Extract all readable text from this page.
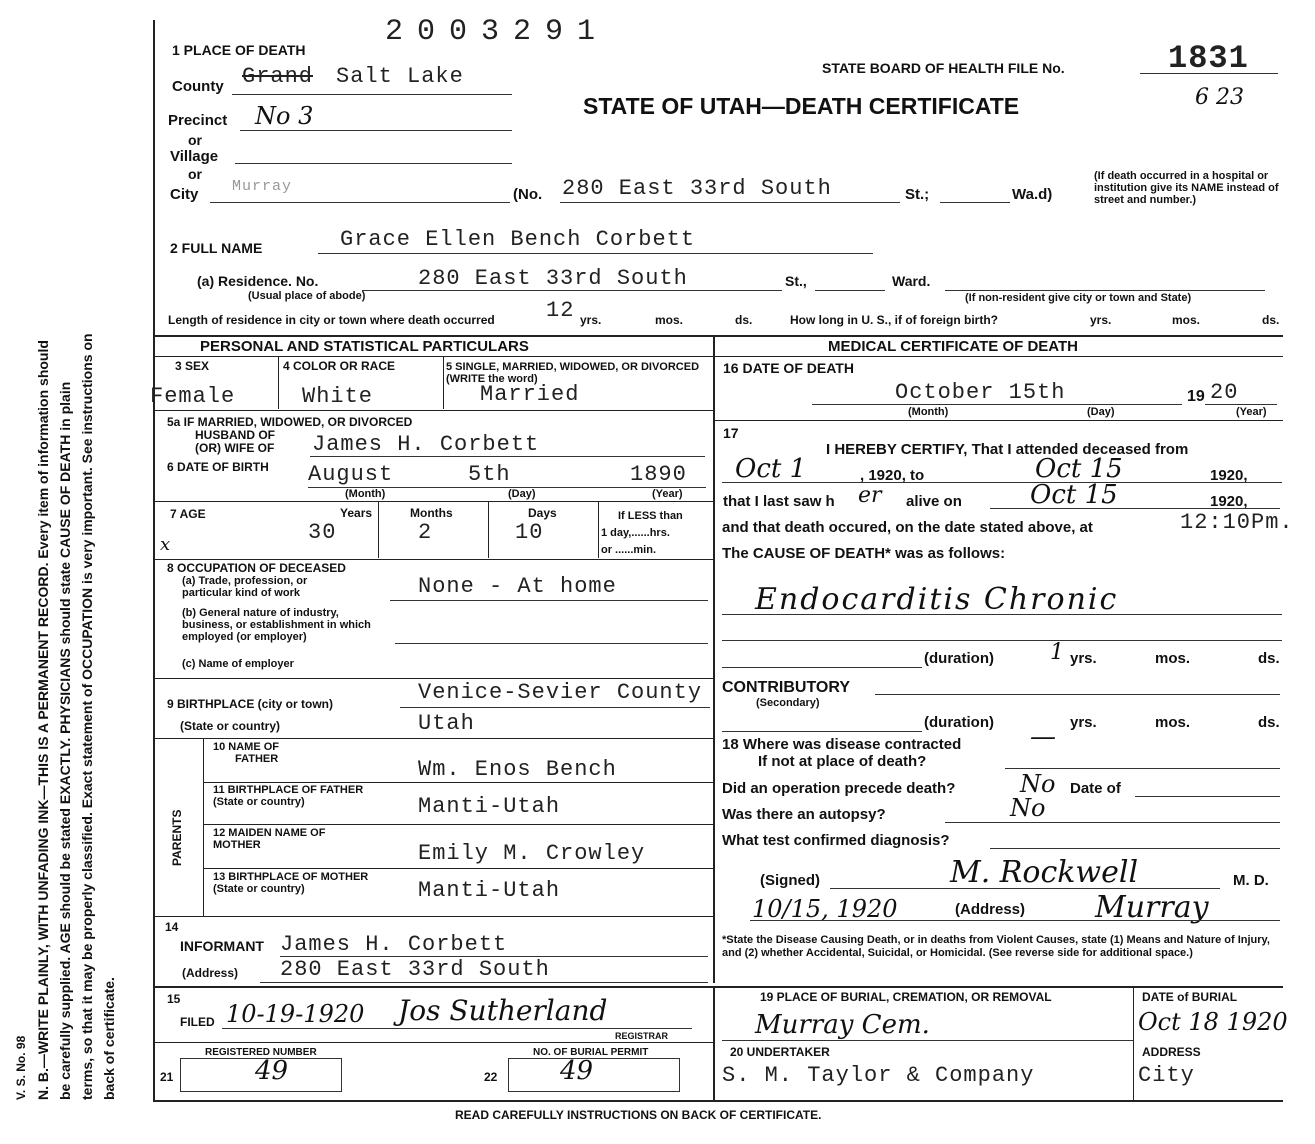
V. S. No. 98 N. B.—WRITE PLAINLY, WITH UNFADING INK—THIS IS A PERMANENT RECORD. Every item of information should be carefully supplied. AGE should be stated EXACTLY. PHYSICIANS should state CAUSE OF DEATH in plain terms, so that it may be properly classified. Exact statement of OCCUPATION is very important. See instructions on back of certificate.
2003291
STATE BOARD OF HEALTH FILE No.	1831
STATE OF UTAH—DEATH CERTIFICATE	6 23
1 PLACE OF DEATH
County Grand Salt Lake
Precinct No 3
or
Village
or
City Murray	(No. 280 East 33rd South	St.;	Wa.d)
(If death occurred in a hospital or institution give its NAME instead of street and number.)
2 FULL NAME	Grace Ellen Bench Corbett
(a) Residence. No.	280 East 33rd South	St.,	Ward.
(Usual place of abode)	(If non-resident give city or town and State)
Length of residence in city or town where death occurred 12 yrs.	mos.	ds.	How long in U. S., if of foreign birth?	yrs.	mos.	ds.
PERSONAL AND STATISTICAL PARTICULARS	MEDICAL CERTIFICATE OF DEATH
3 SEX
Female
4 COLOR OR RACE
White
5 SINGLE, MARRIED, WIDOWED, OR DIVORCED (WRITE the word)
Married
5a IF MARRIED, WIDOWED, OR DIVORCED
HUSBAND OF
(OR) WIFE OF James H. Corbett
6 DATE OF BIRTH August	5th	1890
(Month)	(Day)	(Year)
7 AGE
x
Years	Months	Days
30	2	10
If LESS than
1 day,......hrs.
or ......min.
8 OCCUPATION OF DECEASED
(a) Trade, profession, or particular kind of work	None - At home
(b) General nature of industry, business, or establishment in which employed (or employer)
(c) Name of employer
9 BIRTHPLACE (city or town)	Venice-Sevier County
(State or country)	Utah
PARENTS
10 NAME OF
FATHER	Wm. Enos Bench
11 BIRTHPLACE OF FATHER (State or country)	Manti-Utah
12 MAIDEN NAME OF MOTHER	Emily M. Crowley
13 BIRTHPLACE OF MOTHER (State or country)	Manti-Utah
14
INFORMANT James H. Corbett
(Address) 280 East 33rd South
15
FILED 10-19-1920 Jos Sutherland
REGISTRAR
REGISTERED NUMBER	NO. OF BURIAL PERMIT
21	49	22 49
16 DATE OF DEATH
October 15th	19 20
(Month)	(Day)	(Year)
17
I HEREBY CERTIFY, That I attended deceased from
Oct 1	, 1920, to	Oct 15	1920,
that I last saw h er alive on	Oct 15	1920,
and that death occured, on the date stated above, at	12:10Pm.
The CAUSE OF DEATH* was as follows:
Endocarditis Chronic
(duration)	1 yrs.	mos.	ds.
CONTRIBUTORY
(Secondary)
(duration)	yrs.	mos.	ds.
18 Where was disease contracted
If not at place of death?
—
Did an operation precede death?	No Date of
Was there an autopsy?	No
What test confirmed diagnosis?
(Signed)	M. Rockwell	M. D.
10/15, 1920	(Address) Murray
*State the Disease Causing Death, or in deaths from Violent Causes, state (1) Means and Nature of Injury, and (2) whether Accidental, Suicidal, or Homicidal. (See reverse side for additional space.)
19 PLACE OF BURIAL, CREMATION, OR REMOVAL
Murray Cem.
DATE of BURIAL
Oct 18 1920
20 UNDERTAKER
S. M. Taylor & Company
ADDRESS
City
READ CAREFULLY INSTRUCTIONS ON BACK OF CERTIFICATE.
